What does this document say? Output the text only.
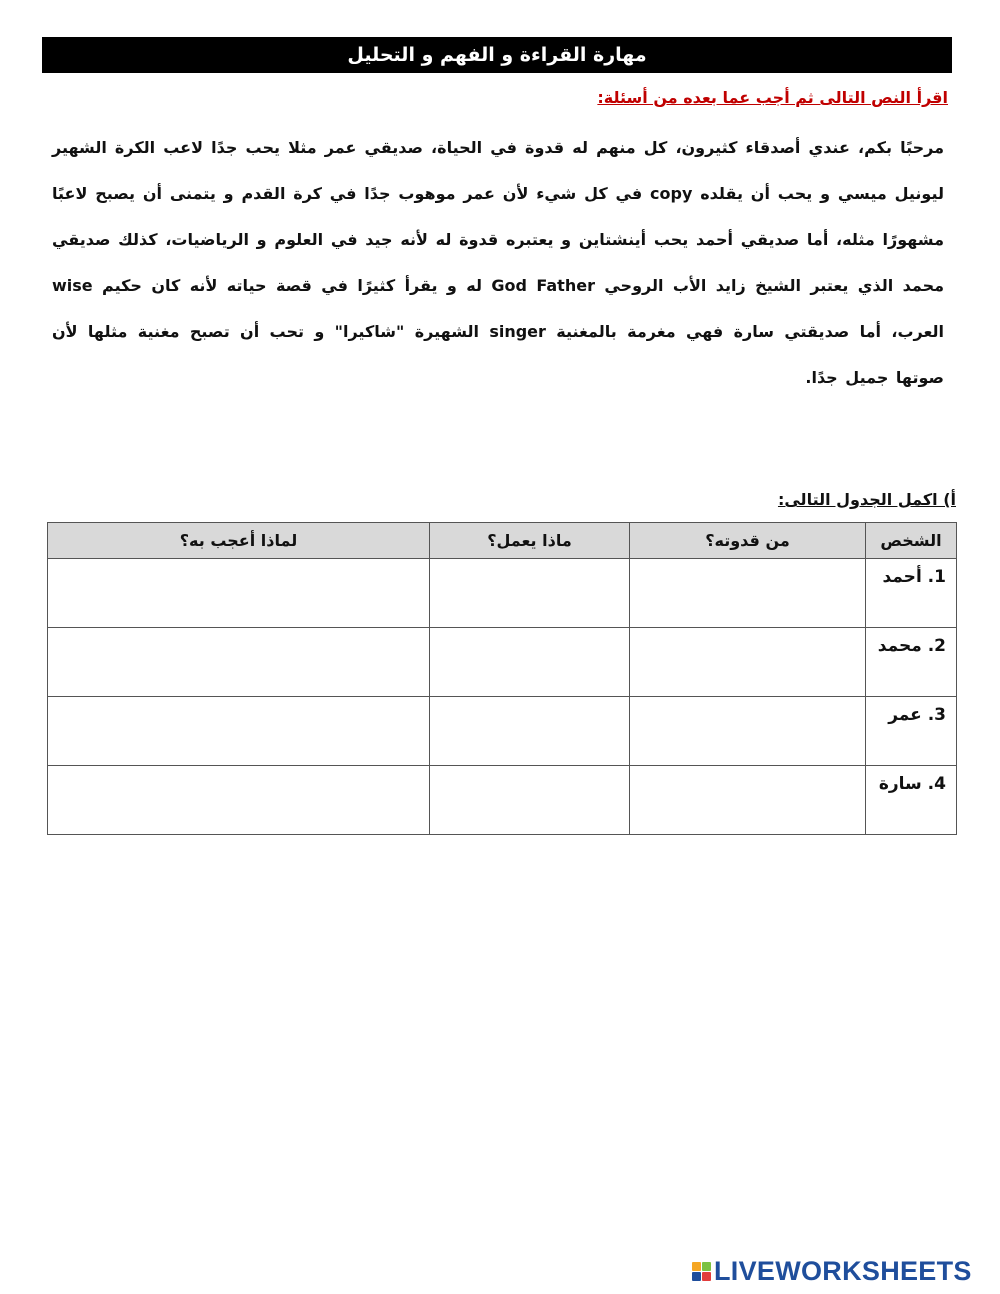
مهارة القراءة و الفهم و التحليل
اقرأ النص التالى ثم أجب عما بعده من أسئلة:
مرحبًا بكم، عندي أصدقاء كثيرون، كل منهم له قدوة في الحياة، صديقي عمر مثلا يحب جدًا لاعب الكرة الشهير ليونيل ميسي و يحب أن يقلده copy في كل شيء لأن عمر موهوب جدًا في كرة القدم و يتمنى أن يصبح لاعبًا مشهورًا مثله، أما صديقي أحمد يحب أينشتاين و يعتبره قدوة له لأنه جيد في العلوم و الرياضيات، كذلك صديقي محمد الذي يعتبر الشيخ زايد الأب الروحي God Father له و يقرأ كثيرًا في قصة حياته لأنه كان حكيم wise العرب، أما صديقتي سارة فهي مغرمة بالمغنية singer الشهيرة "شاكيرا" و تحب أن تصبح مغنية مثلها لأن صوتها جميل جدًا.
أ) اكمل الجدول التالى:
الشخص	من قدوته؟	ماذا يعمل؟	لماذا أعجب به؟
1. أحمد	

2. محمد	

3. عمر	

4. سارة	

LIVEWORKSHEETS
